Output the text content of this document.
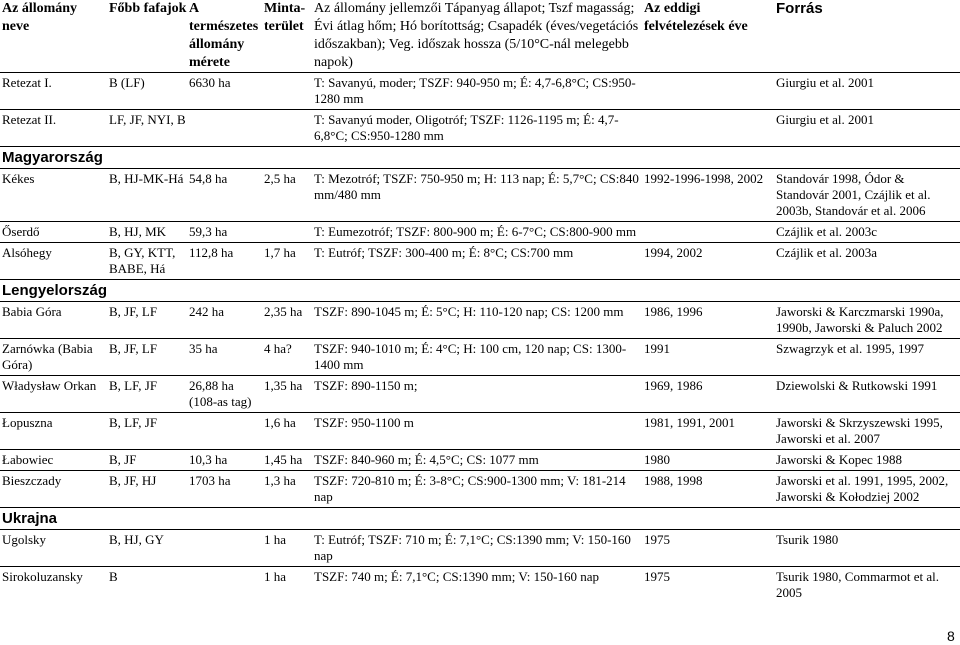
Az állomány neve	Főbb fafajok	A természetes állomány mérete	Minta-terület	Az állomány jellemzői Tápanyag állapot; Tszf magasság; Évi átlag hőm; Hó borítottság; Csapadék (éves/vegetációs időszakban); Veg. időszak hossza (5/10°C-nál melegebb napok)	Az eddigi felvételezések éve	Forrás
Retezat I.	B (LF)	6630 ha		T: Savanyú, moder; TSZF: 940-950 m; É: 4,7-6,8°C; CS:950-1280 mm		Giurgiu et al. 2001
Retezat II.	LF, JF, NYI, B			T: Savanyú moder, Oligotróf; TSZF: 1126-1195 m; É: 4,7-6,8°C; CS:950-1280 mm		Giurgiu et al. 2001
Magyarország						
Kékes	B, HJ-MK-Há	54,8 ha	2,5 ha	T: Mezotróf; TSZF: 750-950 m; H: 113 nap; É: 5,7°C; CS:840 mm/480 mm	1992-1996-1998, 2002	Standovár 1998, Ódor & Standovár 2001, Czájlik et al. 2003b, Standovár et al. 2006
Őserdő	B, HJ, MK	59,3 ha		T: Eumezotróf; TSZF: 800-900 m; É: 6-7°C; CS:800-900 mm		Czájlik et al. 2003c
Alsóhegy	B, GY, KTT, BABE, Há	112,8 ha	1,7 ha	T: Eutróf; TSZF: 300-400 m; É: 8°C; CS:700 mm	1994, 2002	Czájlik et al. 2003a
Lengyelország						
Babia Góra	B, JF, LF	242 ha	2,35 ha	TSZF: 890-1045 m; É: 5°C; H: 110-120 nap; CS: 1200 mm	1986, 1996	Jaworski & Karczmarski 1990a, 1990b, Jaworski & Paluch 2002
Zarnówka (Babia Góra)	B, JF, LF	35 ha	4 ha?	TSZF: 940-1010 m; É: 4°C; H: 100 cm, 120 nap; CS: 1300-1400 mm	1991	Szwagrzyk et al. 1995, 1997
Władysław Orkan	B, LF, JF	26,88 ha (108-as tag)	1,35 ha	TSZF: 890-1150 m;	1969, 1986	Dziewolski & Rutkowski 1991
Łopuszna	B, LF, JF		1,6 ha	TSZF: 950-1100 m	1981, 1991, 2001	Jaworski & Skrzyszewski 1995, Jaworski et al. 2007
Łabowiec	B, JF	10,3 ha	1,45 ha	TSZF: 840-960 m; É: 4,5°C; CS: 1077 mm	1980	Jaworski & Kopec 1988
Bieszczady	B, JF, HJ	1703 ha	1,3 ha	TSZF: 720-810 m; É: 3-8°C; CS:900-1300 mm; V: 181-214 nap	1988, 1998	Jaworski et al. 1991, 1995, 2002, Jaworski & Kołodziej 2002
Ukrajna						
Ugolsky	B, HJ, GY		1 ha	T: Eutróf; TSZF: 710 m; É: 7,1°C; CS:1390 mm; V: 150-160 nap	1975	Tsurik 1980
Sirokoluzansky	B		1 ha	TSZF: 740 m; É: 7,1°C; CS:1390 mm; V: 150-160 nap	1975	Tsurik 1980, Commarmot et al. 2005
8
